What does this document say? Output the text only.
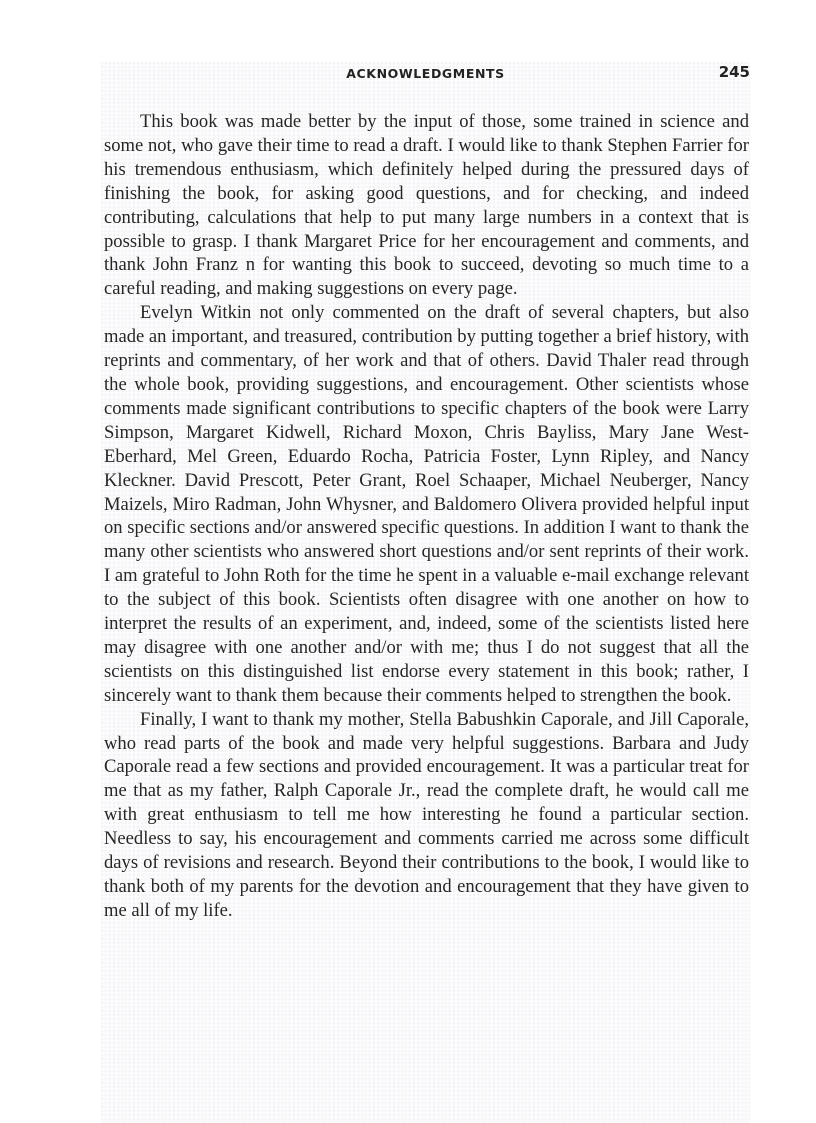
ACKNOWLEDGMENTS	245

This book was made better by the input of those, some trained in science and some not, who gave their time to read a draft. I would like to thank Stephen Farrier for his tremendous enthusiasm, which definitely helped during the pressured days of finishing the book, for asking good questions, and for checking, and indeed contributing, calculations that help to put many large numbers in a context that is possible to grasp. I thank Margaret Price for her encouragement and comments, and thank John Franz n for wanting this book to succeed, devoting so much time to a careful reading, and making suggestions on every page.

Evelyn Witkin not only commented on the draft of several chapters, but also made an important, and treasured, contribution by putting together a brief history, with reprints and commentary, of her work and that of others. David Thaler read through the whole book, providing suggestions, and encouragement. Other scientists whose comments made significant contributions to specific chapters of the book were Larry Simpson, Margaret Kidwell, Richard Moxon, Chris Bayliss, Mary Jane West-Eberhard, Mel Green, Eduardo Rocha, Patricia Foster, Lynn Ripley, and Nancy Kleckner. David Prescott, Peter Grant, Roel Schaaper, Michael Neuberger, Nancy Maizels, Miro Radman, John Whysner, and Baldomero Olivera provided helpful input on specific sections and/or answered specific questions. In addition I want to thank the many other scientists who answered short questions and/or sent reprints of their work. I am grateful to John Roth for the time he spent in a valuable e-mail exchange relevant to the subject of this book. Scientists often disagree with one another on how to interpret the results of an experiment, and, indeed, some of the scientists listed here may disagree with one another and/or with me; thus I do not suggest that all the scientists on this distinguished list endorse every statement in this book; rather, I sincerely want to thank them because their comments helped to strengthen the book.

Finally, I want to thank my mother, Stella Babushkin Caporale, and Jill Caporale, who read parts of the book and made very helpful suggestions. Barbara and Judy Caporale read a few sections and provided encouragement. It was a particular treat for me that as my father, Ralph Caporale Jr., read the complete draft, he would call me with great enthusiasm to tell me how interesting he found a particular section. Needless to say, his encouragement and comments carried me across some difficult days of revisions and research. Beyond their contributions to the book, I would like to thank both of my parents for the devotion and encouragement that they have given to me all of my life.
